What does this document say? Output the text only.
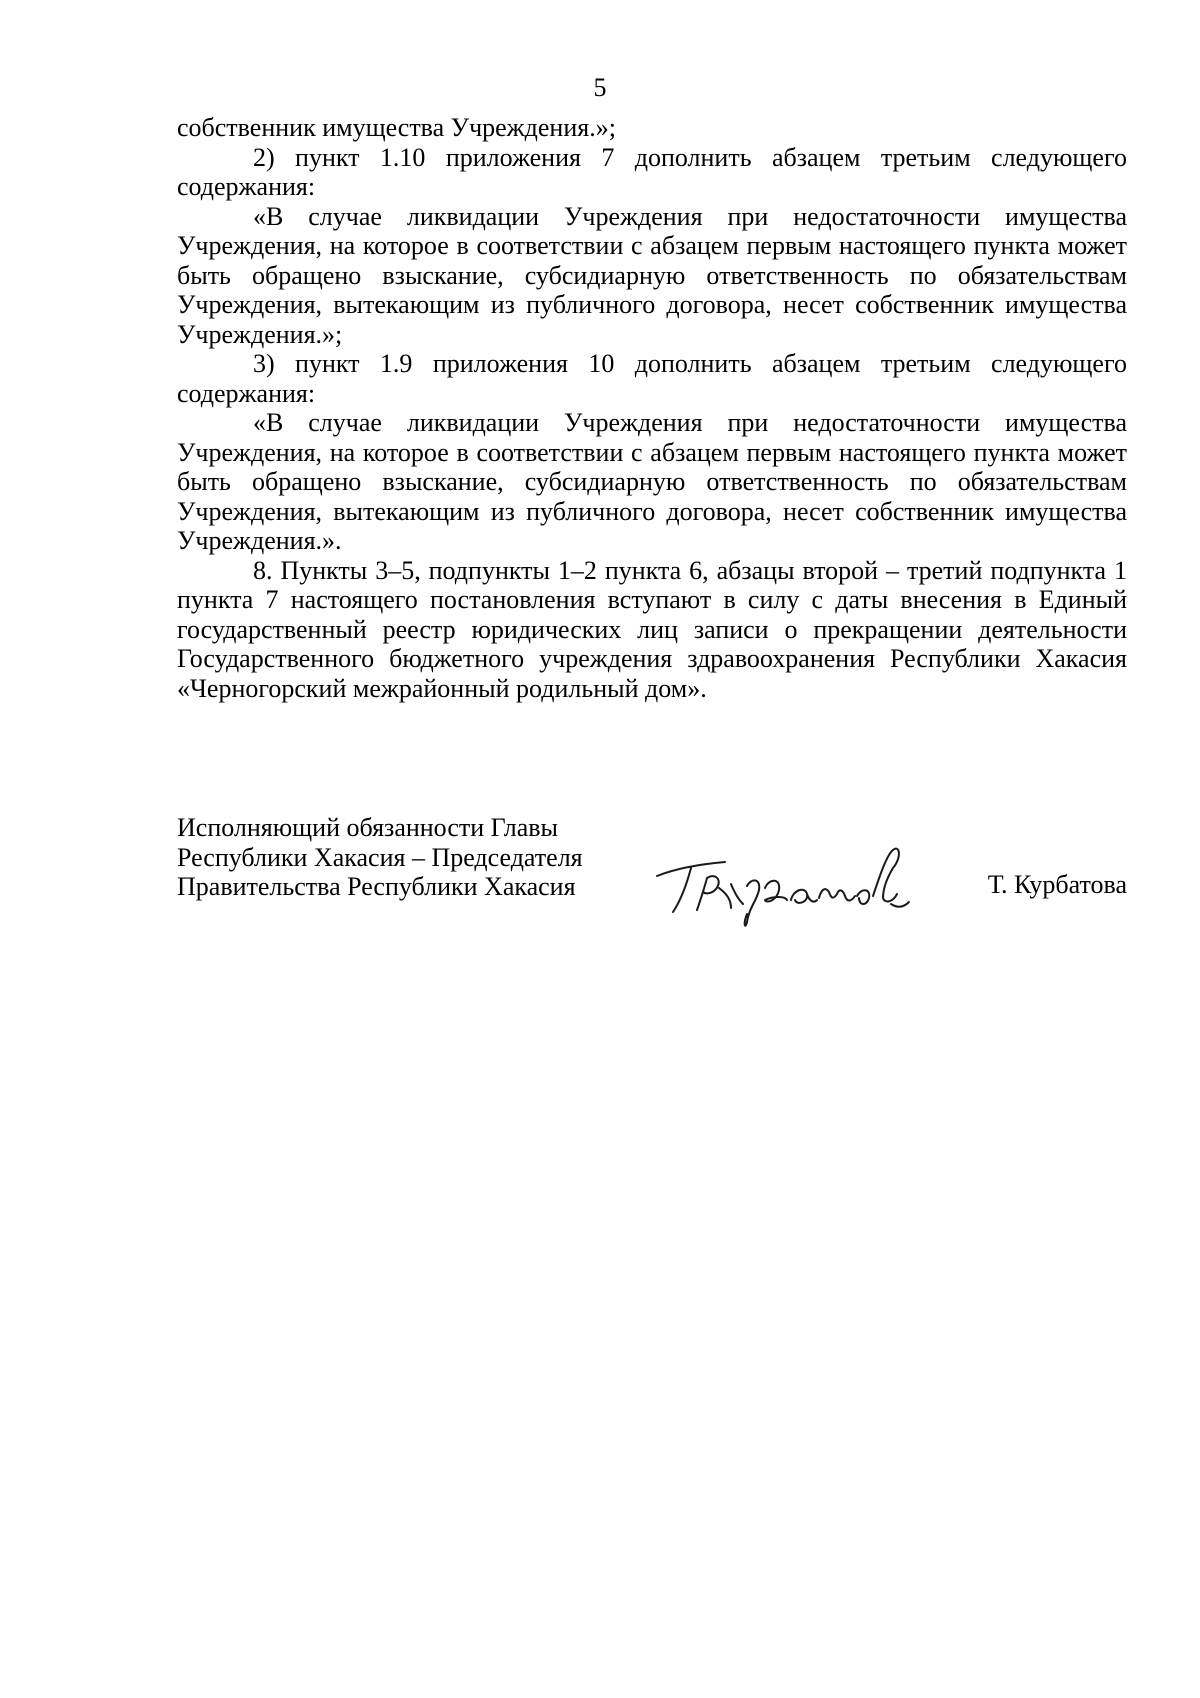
5

собственник имущества Учреждения.»;

2) пункт 1.10 приложения 7 дополнить абзацем третьим следующего содержания:

«В случае ликвидации Учреждения при недостаточности имущества Учреждения, на которое в соответствии с абзацем первым настоящего пункта может быть обращено взыскание, субсидиарную ответственность по обязательствам Учреждения, вытекающим из публичного договора, несет собственник имущества Учреждения.»;

3) пункт 1.9 приложения 10 дополнить абзацем третьим следующего содержания:

«В случае ликвидации Учреждения при недостаточности имущества Учреждения, на которое в соответствии с абзацем первым настоящего пункта может быть обращено взыскание, субсидиарную ответственность по обязательствам Учреждения, вытекающим из публичного договора, несет собственник имущества Учреждения.».

8. Пункты 3–5, подпункты 1–2 пункта 6, абзацы второй – третий подпункта 1 пункта 7 настоящего постановления вступают в силу с даты внесения в Единый государственный реестр юридических лиц записи о прекращении деятельности Государственного бюджетного учреждения здравоохранения Республики Хакасия «Черногорский межрайонный родильный дом».

Исполняющий обязанности Главы
Республики Хакасия – Председателя
Правительства Республики Хакасия	Т. Курбатова
